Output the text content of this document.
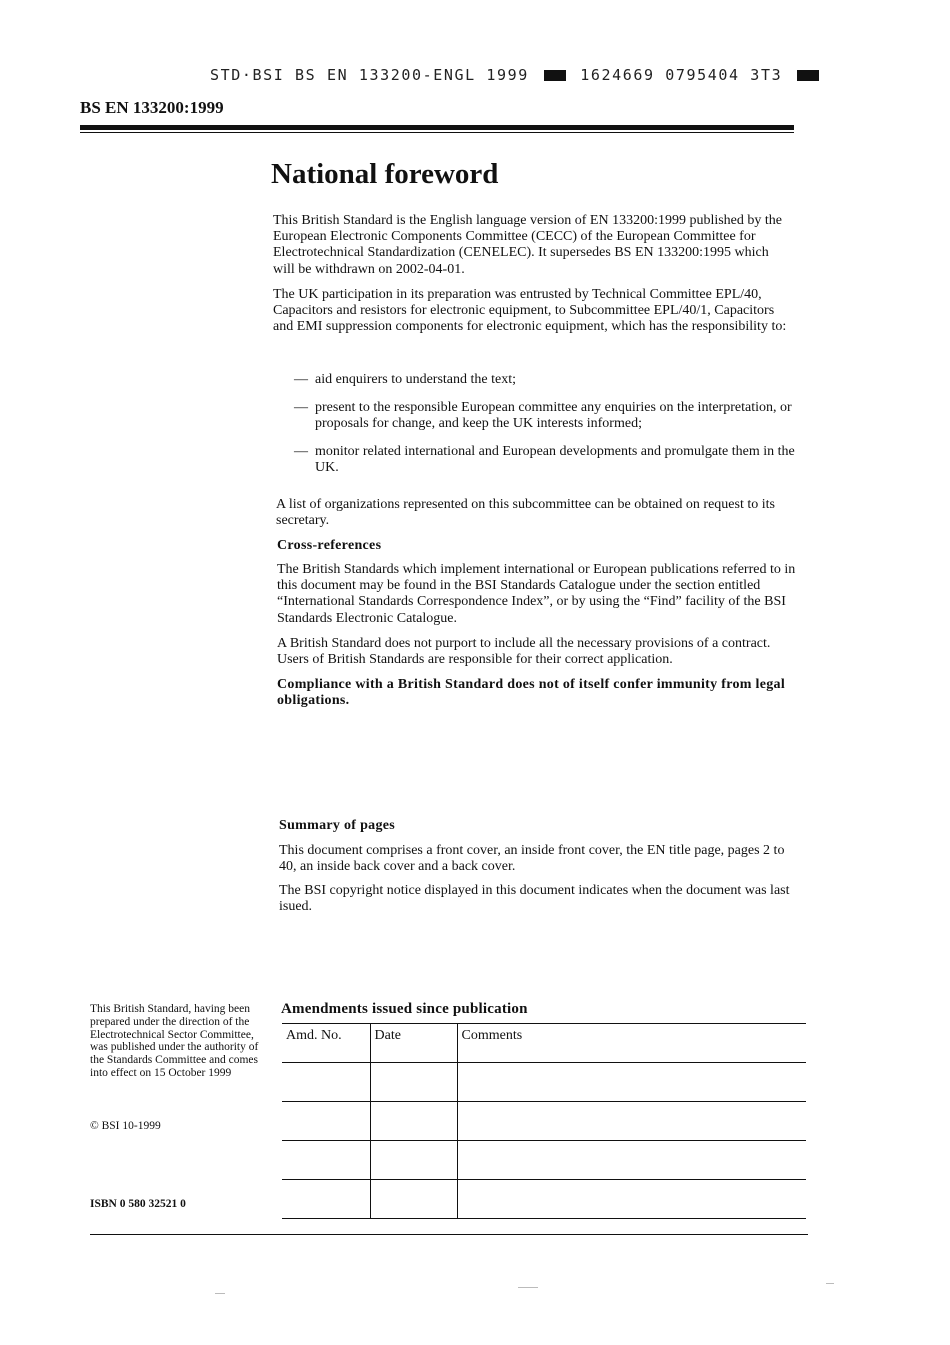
STD·BSI BS EN 133200-ENGL 1999	1624669 0795404 3T3
BS EN 133200:1999
National foreword
This British Standard is the English language version of EN 133200:1999 published by the European Electronic Components Committee (CECC) of the European Committee for Electrotechnical Standardization (CENELEC). It supersedes BS EN 133200:1995 which will be withdrawn on 2002-04-01.
The UK participation in its preparation was entrusted by Technical Committee EPL/40, Capacitors and resistors for electronic equipment, to Subcommittee EPL/40/1, Capacitors and EMI suppression components for electronic equipment, which has the responsibility to:
— aid enquirers to understand the text;
— present to the responsible European committee any enquiries on the interpretation, or proposals for change, and keep the UK interests informed;
— monitor related international and European developments and promulgate them in the UK.
A list of organizations represented on this subcommittee can be obtained on request to its secretary.
Cross-references
The British Standards which implement international or European publications referred to in this document may be found in the BSI Standards Catalogue under the section entitled “International Standards Correspondence Index”, or by using the “Find” facility of the BSI Standards Electronic Catalogue.
A British Standard does not purport to include all the necessary provisions of a contract. Users of British Standards are responsible for their correct application.
Compliance with a British Standard does not of itself confer immunity from legal obligations.
Summary of pages
This document comprises a front cover, an inside front cover, the EN title page, pages 2 to 40, an inside back cover and a back cover.
The BSI copyright notice displayed in this document indicates when the document was last isued.
This British Standard, having been prepared under the direction of the Electrotechnical Sector Committee, was published under the authority of the Standards Committee and comes into effect on 15 October 1999
© BSI 10-1999
ISBN 0 580 32521 0
Amendments issued since publication
Amd. No.	Date	Comments
